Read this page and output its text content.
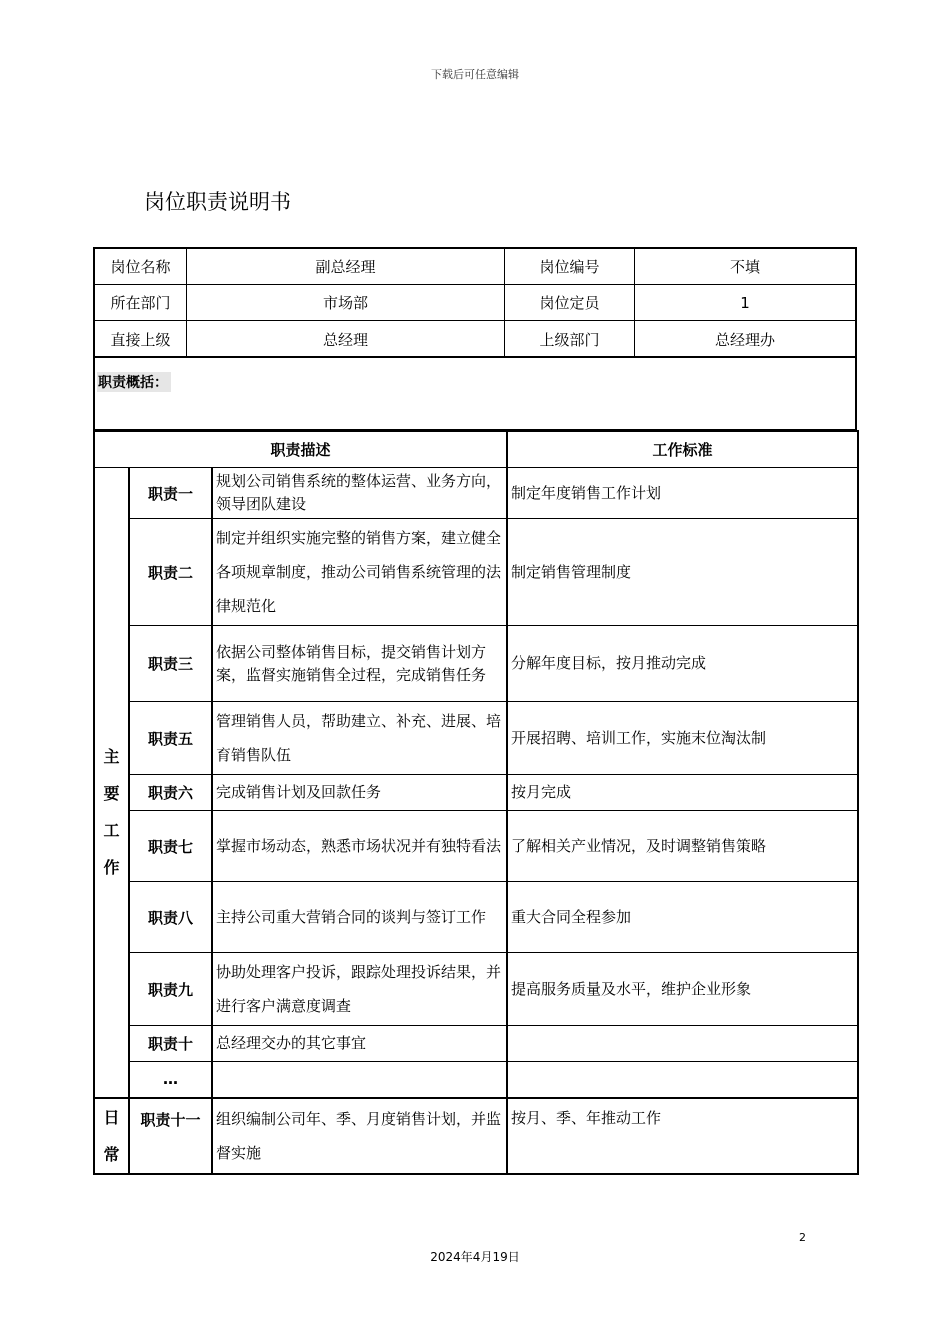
下载后可任意编辑
岗位职责说明书
岗位名称	副总经理	岗位编号	不填
所在部门	市场部	岗位定员	1
直接上级	总经理	上级部门	总经理办
职责概括：
职责描述			工作标准

主
要
工
作	职责一	规划公司销售系统的整体运营、业务方向，领导团队建设	制定年度销售工作计划
	职责二	制定并组织实施完整的销售方案，建立健全各项规章制度，推动公司销售系统管理的法律规范化	制定销售管理制度
	职责三	依据公司整体销售目标，提交销售计划方案，监督实施销售全过程，完成销售任务	分解年度目标，按月推动完成
	职责五	管理销售人员，帮助建立、补充、进展、培育销售队伍	开展招聘、培训工作，实施末位淘汰制
	职责六	完成销售计划及回款任务	按月完成
	职责七	掌握市场动态，熟悉市场状况并有独特看法	了解相关产业情况，及时调整销售策略
	职责八	主持公司重大营销合同的谈判与签订工作	重大合同全程参加
	职责九	协助处理客户投诉，跟踪处理投诉结果，并进行客户满意度调查	提高服务质量及水平，维护企业形象
	职责十	总经理交办的其它事宜	
	…		

日
常	职责十一	组织编制公司年、季、月度销售计划，并监督实施	按月、季、年推动工作
2
2024年4月19日
